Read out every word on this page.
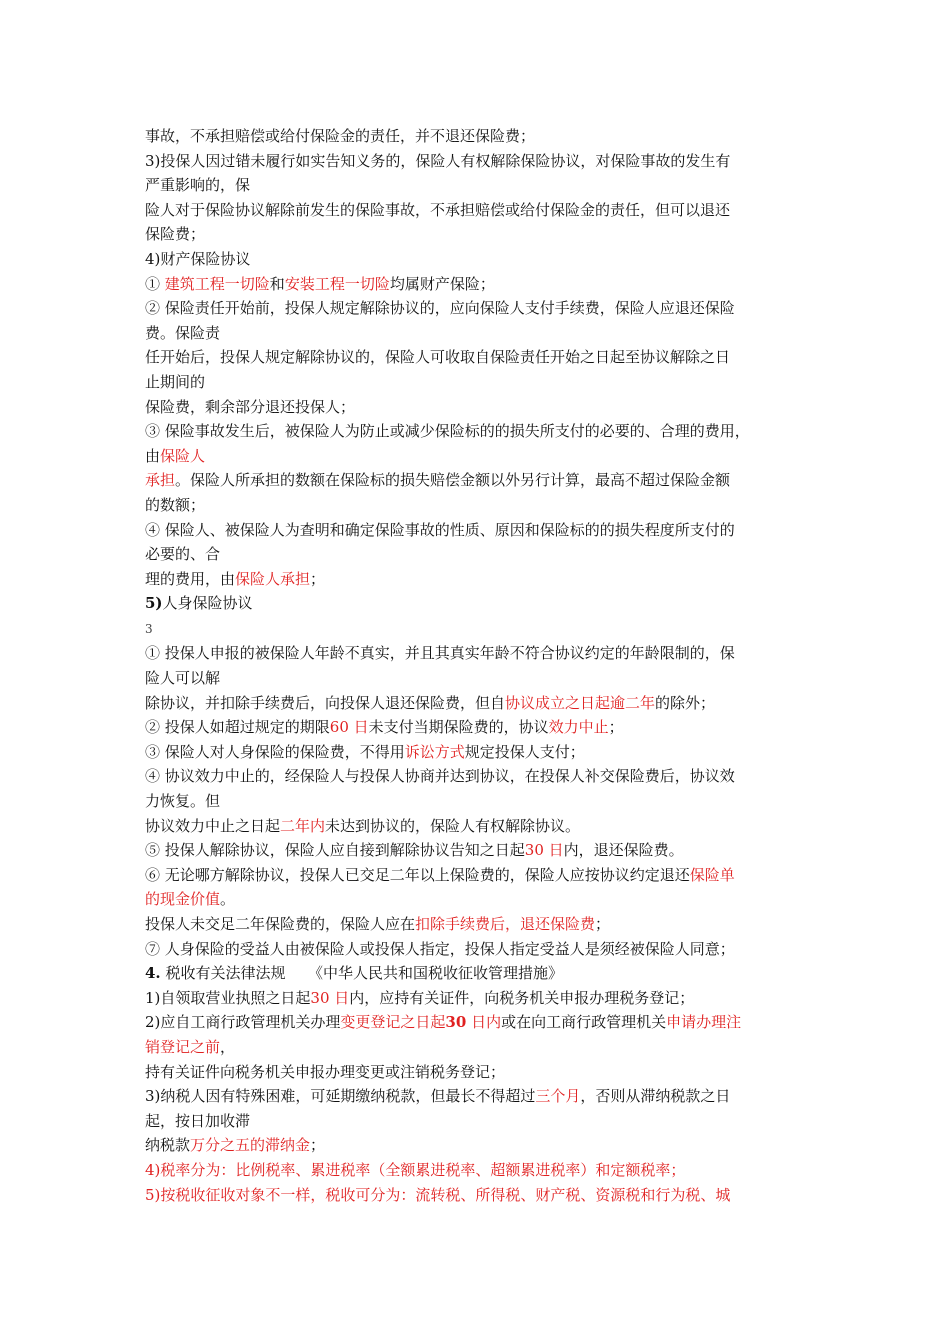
事故，不承担赔偿或给付保险金的责任，并不退还保险费；
3)投保人因过错未履行如实告知义务的，保险人有权解除保险协议，对保险事故的发生有
严重影响的，保
险人对于保险协议解除前发生的保险事故，不承担赔偿或给付保险金的责任，但可以退还
保险费；
4)财产保险协议
① 建筑工程一切险和安装工程一切险均属财产保险；
② 保险责任开始前，投保人规定解除协议的，应向保险人支付手续费，保险人应退还保险
费。保险责
任开始后，投保人规定解除协议的，保险人可收取自保险责任开始之日起至协议解除之日
止期间的
保险费，剩余部分退还投保人；
③ 保险事故发生后，被保险人为防止或减少保险标的的损失所支付的必要的、合理的费用，
由保险人
承担。保险人所承担的数额在保险标的损失赔偿金额以外另行计算，最高不超过保险金额
的数额；
④ 保险人、被保险人为查明和确定保险事故的性质、原因和保险标的的损失程度所支付的
必要的、合
理的费用，由保险人承担；
5)人身保险协议
3
① 投保人申报的被保险人年龄不真实，并且其真实年龄不符合协议约定的年龄限制的，保
险人可以解
除协议，并扣除手续费后，向投保人退还保险费，但自协议成立之日起逾二年的除外；
② 投保人如超过规定的期限60 日未支付当期保险费的，协议效力中止；
③ 保险人对人身保险的保险费，不得用诉讼方式规定投保人支付；
④ 协议效力中止的，经保险人与投保人协商并达到协议，在投保人补交保险费后，协议效
力恢复。但
协议效力中止之日起二年内未达到协议的，保险人有权解除协议。
⑤ 投保人解除协议，保险人应自接到解除协议告知之日起30 日内，退还保险费。
⑥ 无论哪方解除协议，投保人已交足二年以上保险费的，保险人应按协议约定退还保险单
的现金价值。
投保人未交足二年保险费的，保险人应在扣除手续费后，退还保险费；
⑦ 人身保险的受益人由被保险人或投保人指定，投保人指定受益人是须经被保险人同意；
4. 税收有关法律法规　　《中华人民共和国税收征收管理措施》
1)自领取营业执照之日起30 日内，应持有关证件，向税务机关申报办理税务登记；
2)应自工商行政管理机关办理变更登记之日起30 日内或在向工商行政管理机关申请办理注
销登记之前，
持有关证件向税务机关申报办理变更或注销税务登记；
3)纳税人因有特殊困难，可延期缴纳税款，但最长不得超过三个月，否则从滞纳税款之日
起，按日加收滞
纳税款万分之五的滞纳金；
4)税率分为：比例税率、累进税率（全额累进税率、超额累进税率）和定额税率；
5)按税收征收对象不一样，税收可分为：流转税、所得税、财产税、资源税和行为税、城
